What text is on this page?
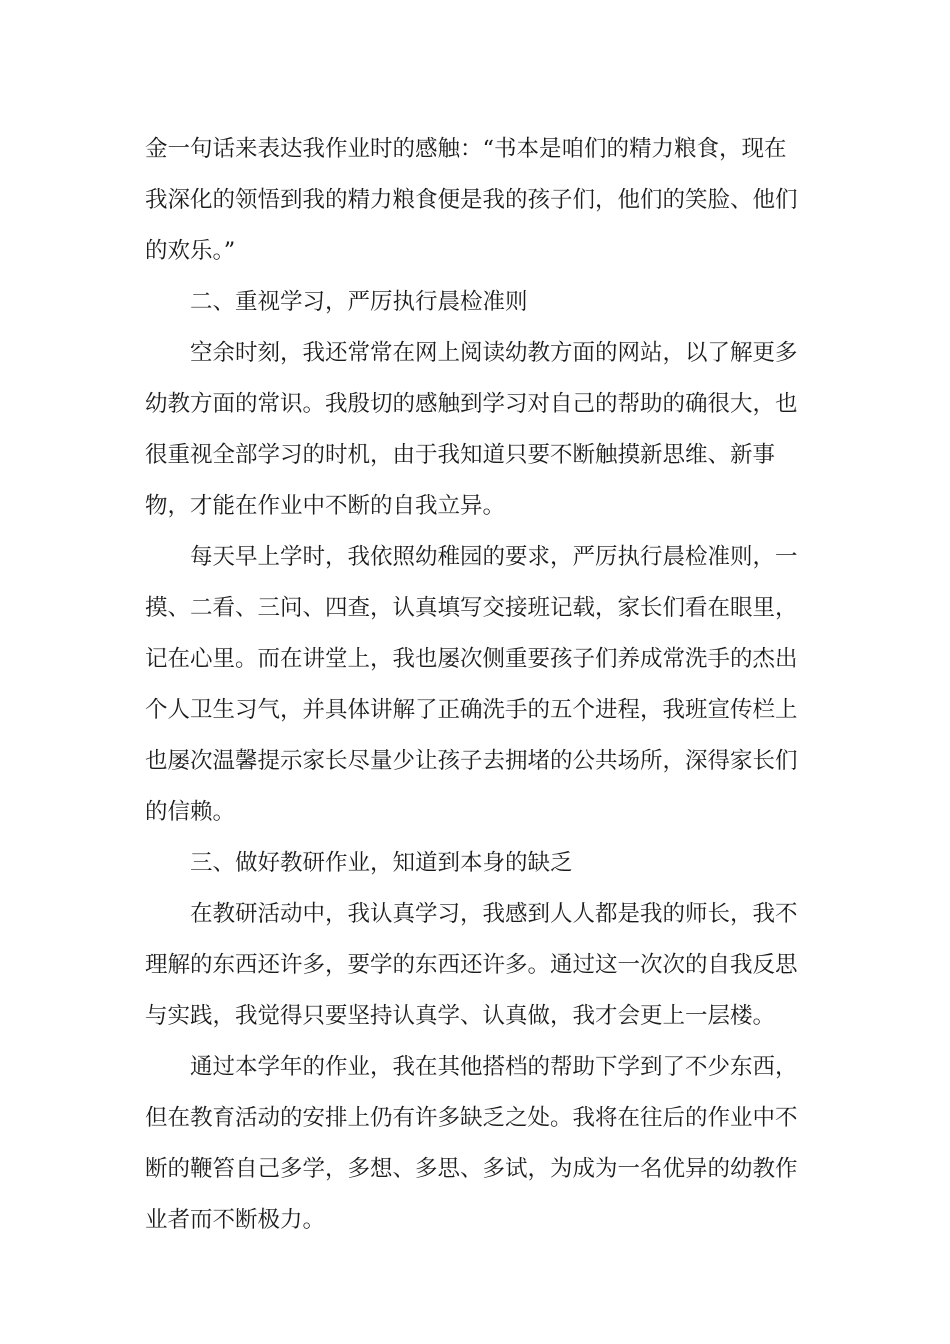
金一句话来表达我作业时的感触：“书本是咱们的精力粮食，现在我深化的领悟到我的精力粮食便是我的孩子们，他们的笑脸、他们的欢乐。”

二、重视学习，严厉执行晨检准则

空余时刻，我还常常在网上阅读幼教方面的网站，以了解更多幼教方面的常识。我殷切的感触到学习对自己的帮助的确很大，也很重视全部学习的时机，由于我知道只要不断触摸新思维、新事物，才能在作业中不断的自我立异。

每天早上学时，我依照幼稚园的要求，严厉执行晨检准则，一摸、二看、三问、四查，认真填写交接班记载，家长们看在眼里，记在心里。而在讲堂上，我也屡次侧重要孩子们养成常洗手的杰出个人卫生习气，并具体讲解了正确洗手的五个进程，我班宣传栏上也屡次温馨提示家长尽量少让孩子去拥堵的公共场所，深得家长们的信赖。

三、做好教研作业，知道到本身的缺乏

在教研活动中，我认真学习，我感到人人都是我的师长，我不理解的东西还许多，要学的东西还许多。通过这一次次的自我反思与实践，我觉得只要坚持认真学、认真做，我才会更上一层楼。

通过本学年的作业，我在其他搭档的帮助下学到了不少东西，但在教育活动的安排上仍有许多缺乏之处。我将在往后的作业中不断的鞭笞自己多学，多想、多思、多试，为成为一名优异的幼教作业者而不断极力。
